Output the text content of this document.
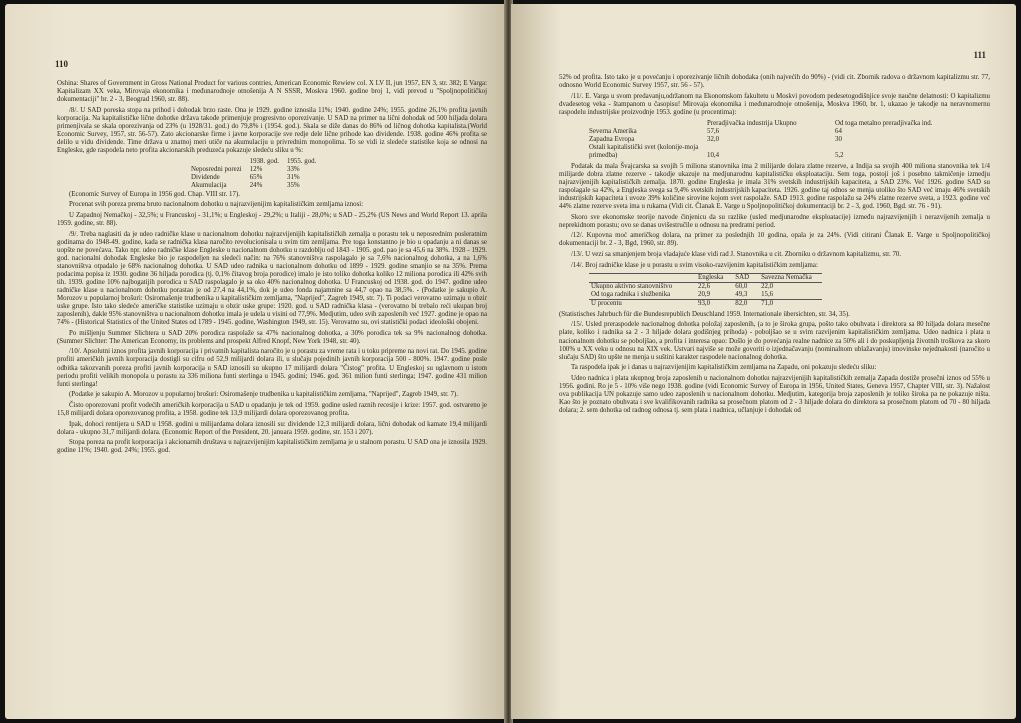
110

Oshina: Shares of Government in Gross National Product for various contries, American Economic Rewiew col. X LV II, jun 1957, EN 3, str. 382; E Varga: Kapitalizam XX veka, Mirovaja ekonomika i međunarodnoje otnošenija A N SSSR, Moskva 1960. godine broj 1, vidi prevod u "Spoljnopolitičkoj dokumentaciji" br. 2 - 3, Beograd 1960, str. 88).

/8/. U SAD poreska stopa na prihod i dohodak brzo raste. Ona je 1929. godine iznosila 11%; 1940. godine 24%; 1955. godine 26,1% profita javnih korporacija. Na kapitalističke lične dohotke država takođe primenjuje progresivno oporezivanje. U SAD na primer na lični dohodak od 500 hiljada dolara primenjivala se skala oporezivanja od 23% (u 1928/31. god.) do 79,8% i (1954. god.). Skala se diže danas do 86% od ličnog dohotka kapitalista.(World Economic Survey, 1957, str. 56-57). Zato akcionarske firme i javne korporacije sve redje dele lične prihode kao dividende. 1938. godine 46% profita se delilo u vidu dividende. Time država u znatnoj meri utiče na akumulaciju u privrednim monopolima. To se vidi iz sledeće statistike koja se odnosi na Englesku, gde raspodela neto profita akcionarskih preduzeća pokazuje sledeću sliku u %:

	1938. god.	1955. god.
Neposredni porezi	12%	33%
Dividende	65%	31%
Akumulacija	24%	35%

(Economic Survey of Europa in 1956 god. Chap. VIII str. 17).

Procenat svih poreza prema bruto nacionalnom dohotku u najrazvijenijim kapitalističkim zemljama iznosi:

U Zapadnoj Nemačkoj - 32,5%; u Francuskoj - 31,1%; u Engleskoj - 29,2%; u Italiji - 28,0%; u SAD - 25,2% (US News and World Report 13. aprila 1959. godine, str. 88).

/9/. Treba naglasiti da je udeo radničke klase u nacionalnom dohotku najrazvijenijih kapitalističkih zemalja u porastu tek u neposrednim posleratnim godinama do 1948-49. godine, kada se radnička klasa naročito revolucionisala u svim tim zemljama. Pre toga konstantno je bio u opadanju a ni danas se uopšte ne povećava. Tako npr. udeo radničke klase Engleske u nacionalnom dohotku u razdoblju od 1843 - 1905. god. pao je sa 45,6 na 38%. 1928 - 1929. god. nacionalni dohodak Engleske bio je raspodeljen na sledeći način: na 76% stanovništva raspolagalo je sa 7,6% nacionalnog dohotka, a na 1,6% stanovništva otpadalo je 68% nacionalnog dohotka. U SAD udeo radnika u nacionalnom dohotku od 1899 - 1929. godine smanjio se na 35%. Prema podacima popisa iz 1930. godine 36 hiljada porodica (tj. 0,1% čitavog broja porodice) imalo je isto toliko dohotka koliko 12 miliona porodica ili 42% svih tih. 1939. godine 10% najbogatijih porodica u SAD raspolagalo je sa oko 40% nacionalnog dohotka. U Francuskoj od 1938. god. do 1947. godine udeo radničke klase u nacionalnom dohotku porastao je od 27,4 na 44,1%, dok je udeo fonda najamnine sa 44,7 opao na 38,5%. - (Podatke je sakupio A. Morozov u popularnoj brošuri: Osiromašenje trudbenika u kapitalističkim zemljama, "Naprijed", Zagreb 1949, str. 7). Ti podaci verovatno uzimaju u obzir uske grupe. Isto tako sledeće američke statistike uzimaju u obzir uske grupe: 1920. god. u SAD radnička klasa - (verovatno bi trebalo reći ukupan broj zaposlenih), dakle 95% stanovništva u nacionalnom dohotku imala je udela u visini od 77,9%. Medjutim, udeo svih zaposlenih već 1927. godine je opao na 74% - (Historical Statistics of the United States od 1789 - 1945. godine, Washington 1949, str. 15). Verovatno su, ovi statistički podaci ideološki obojeni.

Po mišljenju Summer Slichtera u SAD 20% porodica raspolaže sa 47% nacionalnog dohotka, a 30% porodica tek sa 9% nacionalnog dohotka. (Summer Slichter: The American Economy, its problems and prospekt Alfred Knopf, New York 1948, str. 40).

/10/. Apsolutni iznos profita javnih korporacija i privatnih kapitalista naročito je u porastu za vreme rata i u toku pripreme na novi rat. Do 1945. godine profiti američkih javnih korporacija dostigli su cifru od 52,9 milijardi dolara ili, u slučaju pojedinih javnih korporacija 500 - 800%. 1947. godine posle odbitka takozvanih poreza profiti javnih korporacija u SAD iznosili su ukupno 17 milijardi dolara "Čistog" profita. U Engleskoj su uglavnom u istom periodu profiti velikih monopola u porastu za 336 miliona funti sterlinga u 1945. godini; 1946. god. 361 milion funti sterlinga; 1947. godine 431 milion funti sterlinga!

(Podatke je sakupio A. Morozov u popularnoj brošuri: Osiromašenje trudbenika u kapitalističkim zemljama, "Naprijed", Zagreb 1949, str. 7).

Čisto oporezovani profit vodećih američkih korporacija u SAD u opadanju je tek od 1959. godine usled raznih recesije i krize: 1957. god. ostvareno je 15,8 milijardi dolara oporezovanog profita, a 1958. godine tek 13,9 milijardi dolara oporezovanog profita.

Ipak, dohoci rentijera u SAD u 1958. godini u milijardama dolara iznosili su: dividende 12,3 milijardi dolara, lični dohodak od kamate 19,4 milijardi dolara - ukupno 31,7 milijardi dolara. (Economic Report of the President, 20. januara 1959. godine, str. 153 i 207).

Stopa poreza na profit korporacija i akcionarnih društava u najrazvijenijim kapitalističkim zemljama je u stalnom porastu. U SAD ona je iznosila 1929. godine 11%; 1940. god. 24%; 1955. god.

111

52% od profita. Isto tako je u povećanju i oporezivanje ličnih dohodaka (onih najvećih do 90%) - (vidi cit. Zbornik radova o državnom kapitalizmu str. 77, odnosno World Economic Survey 1957, str. 56 - 57).

/11/. E. Varga u svom predavanju,održanom na Ekonomskom fakultetu u Moskvi povodom pedesetogodišnjice svoje naučne delatnosti: O kapitalizmu dvadesetog veka - štampanom u časopisu! Mirovaja ekonomika i međunarodnoje otnošenija, Moskva 1960, br. 1, ukazao je takodje na neravnomernu raspodelu industrijske proizvodnje 1953. godine (u procentima):

	Preradjivačka industrija Ukupno	Od toga metalno preradjivačka ind.
Severna Amerika	57,6	64
Zapadna Evropa	32,0	30
Ostali kapitalistički svet (kolonije-moja primedba)	10,4	5,2

Podatak da mala Švajcarska sa svojih 5 miliona stanovnika ima 2 milijarde dolara zlatne rezerve, a Indija sa svojih 400 miliona stanovnika tek 1/4 milijarde dobra zlatne rezerve - takodje ukazuje na medjunarodnu kapitalističku eksploataciju. Sem toga, postoji još i posebno takmičenje izmedju najrazvijenijih kapitalističkih zemalja. 1870. godine Engleska je imala 31% svetskih industrijskih kapaciteta, a SAD 23%. Već 1926. godine SAD su raspolagale sa 42%, a Engleska svega sa 9,4% svetskih industrijskih kapaciteta. 1926. godine taj odnos se menja utoliko što SAD već imaju 46% svetskih industrijskih kapaciteta i uvoze 39% količine sirovine kojom svet raspolaže. SAD 1913. godine raspolažu sa 24% zlatne rezerve sveta, a 1923. godine već 44% zlatne rezerve sveta ima u rukama (Vidi cit. Članak E. Varge u Spoljnopolitičkoj dokumentaciji br. 2 - 3, god. 1960, Bgd. str. 76 - 91).

Skoro sve ekonomske teorije navode činjenicu da su razlike (usled medjunarodne eksploatacije) između najrazvijenijih i nerazvijenih zemalja u neprekidnom porastu; ovo se danas uvišestručile u odnosu na predratni period.

/12/. Kupovna moć američkog dolara, na primer za poslednjih 10 godina, opala je za 24%. (Vidi citirani Članak E. Varge u Spoljnopolitičkoj dokumentaciji br. 2 - 3, Bgd, 1960, str. 89).

/13/. U vezi sa smanjenjem broja vladajuće klase vidi rad J. Stanovnika u cit. Zborniku o državnom kapitalizmu, str. 70.

/14/. Broj radničke klase je u porastu u svim visoko-razvijenim kapitalističkim zemljama:

	Engleska	SAD	Savezna Nemačka
Ukupno aktivno stanovništvo	22,6	60,0	22,0
Od toga radnika i službenika	20,9	49,3	15,6
U procentu	93,0	82,0	71,0

(Statistisches Jahrbuch für die Bundesrepublich Deuschland 1959. Internationale übersichten, str. 34, 35).

/15/. Usled preraspodele nacionalnog dohotka položaj zaposlenih, (a to je široka grupa, pošto tako obuhvata i direktora sa 80 hiljada dolara mesečne plate, koliko i radnika sa 2 - 3 hiljade dolara godišnjeg prihoda) - pobolјšao se u svim razvijenim kapitalističkim zemljama. Udeo nadnica i plata u nacionalnom dohotku se pobolјšao, a profita i interesa opao: Došlo je do povećanja realne nadnice za 50% ali i do poskupljenja životnih troškova za skoro 100% u XX veku u odnosu na XIX vek. Ustvari najviše se može govoriti o izjednačavanju (nominalnom ublažavanju) imovinske nejednakosti (naročito u slučaju SAD) što upšte ne menja u suštini karakter raspodele nacionalnog dohotka.

Ta raspodela ipak je i danas u najrazvijenijim kapitalističkim zemljama na Zapadu, oni pokazuju sledeću sliku:

Udeo nadnica i plata ukupnog broja zaposlenih u nacionalnom dohotku najrazvijenijih kapitalističkih zemalja Zapada dostiže prosečni iznos od 55% u 1956. godini. Ro je 5 - 10% više nego 1938. godine (vidi Economic Survey of Europa in 1956, United States, Geneva 1957, Chapter VIII, str. 3). Nažalost ova publikacija UN pokazuje samo udeo zaposlenih u nacionalnom dohotku. Medjutim, kategorija broja zaposlenih je toliko široka pa ne pokazuje ništa. Kao što je poznato obuhvata i sve kvalifikovanih radnika sa prosečnom platom od 2 - 3 hiljade dolara do direktora sa prosečnom platom od 70 - 80 hiljada dolara; 2. sem dohotka od radnog odnosa tj. sem plata i nadnica, učlanjuje i dohodak od
